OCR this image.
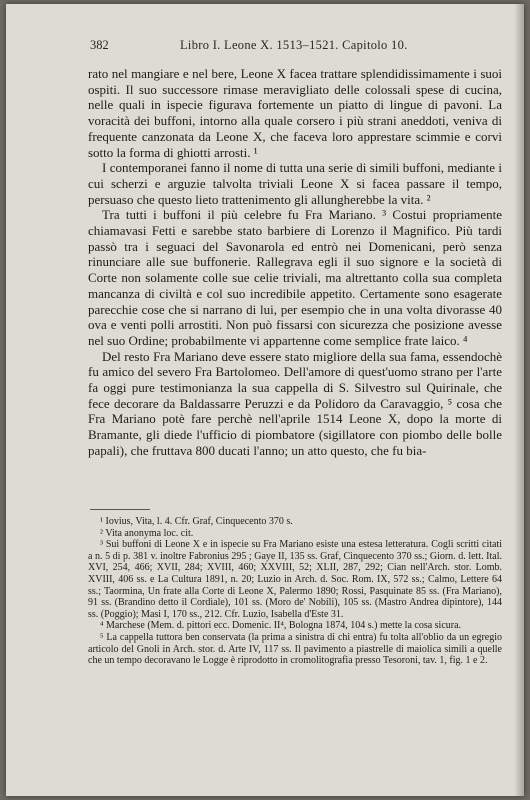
382	Libro I. Leone X. 1513–1521. Capitolo 10.

rato nel mangiare e nel bere, Leone X facea trattare splendidissimamente i suoi ospiti. Il suo successore rimase meravigliato delle colossali spese di cucina, nelle quali in ispecie figurava fortemente un piatto di lingue di pavoni. La voracità dei buffoni, intorno alla quale corsero i più strani aneddoti, veniva di frequente canzonata da Leone X, che faceva loro apprestare scimmie e corvi sotto la forma di ghiotti arrosti. ¹

I contemporanei fanno il nome di tutta una serie di simili buffoni, mediante i cui scherzi e arguzie talvolta triviali Leone X si facea passare il tempo, persuaso che questo lieto trattenimento gli allungherebbe la vita. ²

Tra tutti i buffoni il più celebre fu Fra Mariano. ³ Costui propriamente chiamavasi Fetti e sarebbe stato barbiere di Lorenzo il Magnifico. Più tardi passò tra i seguaci del Savonarola ed entrò nei Domenicani, però senza rinunciare alle sue buffonerie. Rallegrava egli il suo signore e la società di Corte non solamente colle sue celie triviali, ma altrettanto colla sua completa mancanza di civiltà e col suo incredibile appetito. Certamente sono esagerate parecchie cose che si narrano di lui, per esempio che in una volta divorasse 40 ova e venti polli arrostiti. Non può fissarsi con sicurezza che posizione avesse nel suo Ordine; probabilmente vi appartenne come semplice frate laico. ⁴

Del resto Fra Mariano deve essere stato migliore della sua fama, essendochè fu amico del severo Fra Bartolomeo. Dell'amore di quest'uomo strano per l'arte fa oggi pure testimonianza la sua cappella di S. Silvestro sul Quirinale, che fece decorare da Baldassarre Peruzzi e da Polidoro da Caravaggio, ⁵ cosa che Fra Mariano potè fare perchè nell'aprile 1514 Leone X, dopo la morte di Bramante, gli diede l'ufficio di piombatore (sigillatore con piombo delle bolle papali), che fruttava 800 ducati l'anno; un atto questo, che fu bia-

¹ Iovius, Vita, l. 4. Cfr. Graf, Cinquecento 370 s.

² Vita anonyma loc. cit.

³ Sui buffoni di Leone X e in ispecie su Fra Mariano esiste una estesa letteratura. Cogli scritti citati a n. 5 di p. 381 v. inoltre Fabronius 295 ; Gaye II, 135 ss. Graf, Cinquecento 370 ss.; Giorn. d. lett. Ital. XVI, 254, 466; XVII, 284; XVIII, 460; XXVIII, 52; XLII, 287, 292; Cian nell'Arch. stor. Lomb. XVIII, 406 ss. e La Cultura 1891, n. 20; Luzio in Arch. d. Soc. Rom. IX, 572 ss.; Calmo, Lettere 64 ss.; Taormina, Un frate alla Corte di Leone X, Palermo 1890; Rossi, Pasquinate 85 ss. (Fra Mariano), 91 ss. (Brandino detto il Cordiale), 101 ss. (Moro de' Nobili), 105 ss. (Mastro Andrea dipintore), 144 ss. (Poggio); Masi I, 170 ss., 212. Cfr. Luzio, Isabella d'Este 31.

⁴ Marchese (Mem. d. pittori ecc. Domenic. II⁴, Bologna 1874, 104 s.) mette la cosa sicura.

⁵ La cappella tuttora ben conservata (la prima a sinistra di chi entra) fu tolta all'oblio da un egregio articolo del Gnoli in Arch. stor. d. Arte IV, 117 ss. Il pavimento a piastrelle di maiolica simili a quelle che un tempo decoravano le Logge è riprodotto in cromolitografia presso Tesoroni, tav. 1, fig. 1 e 2.
